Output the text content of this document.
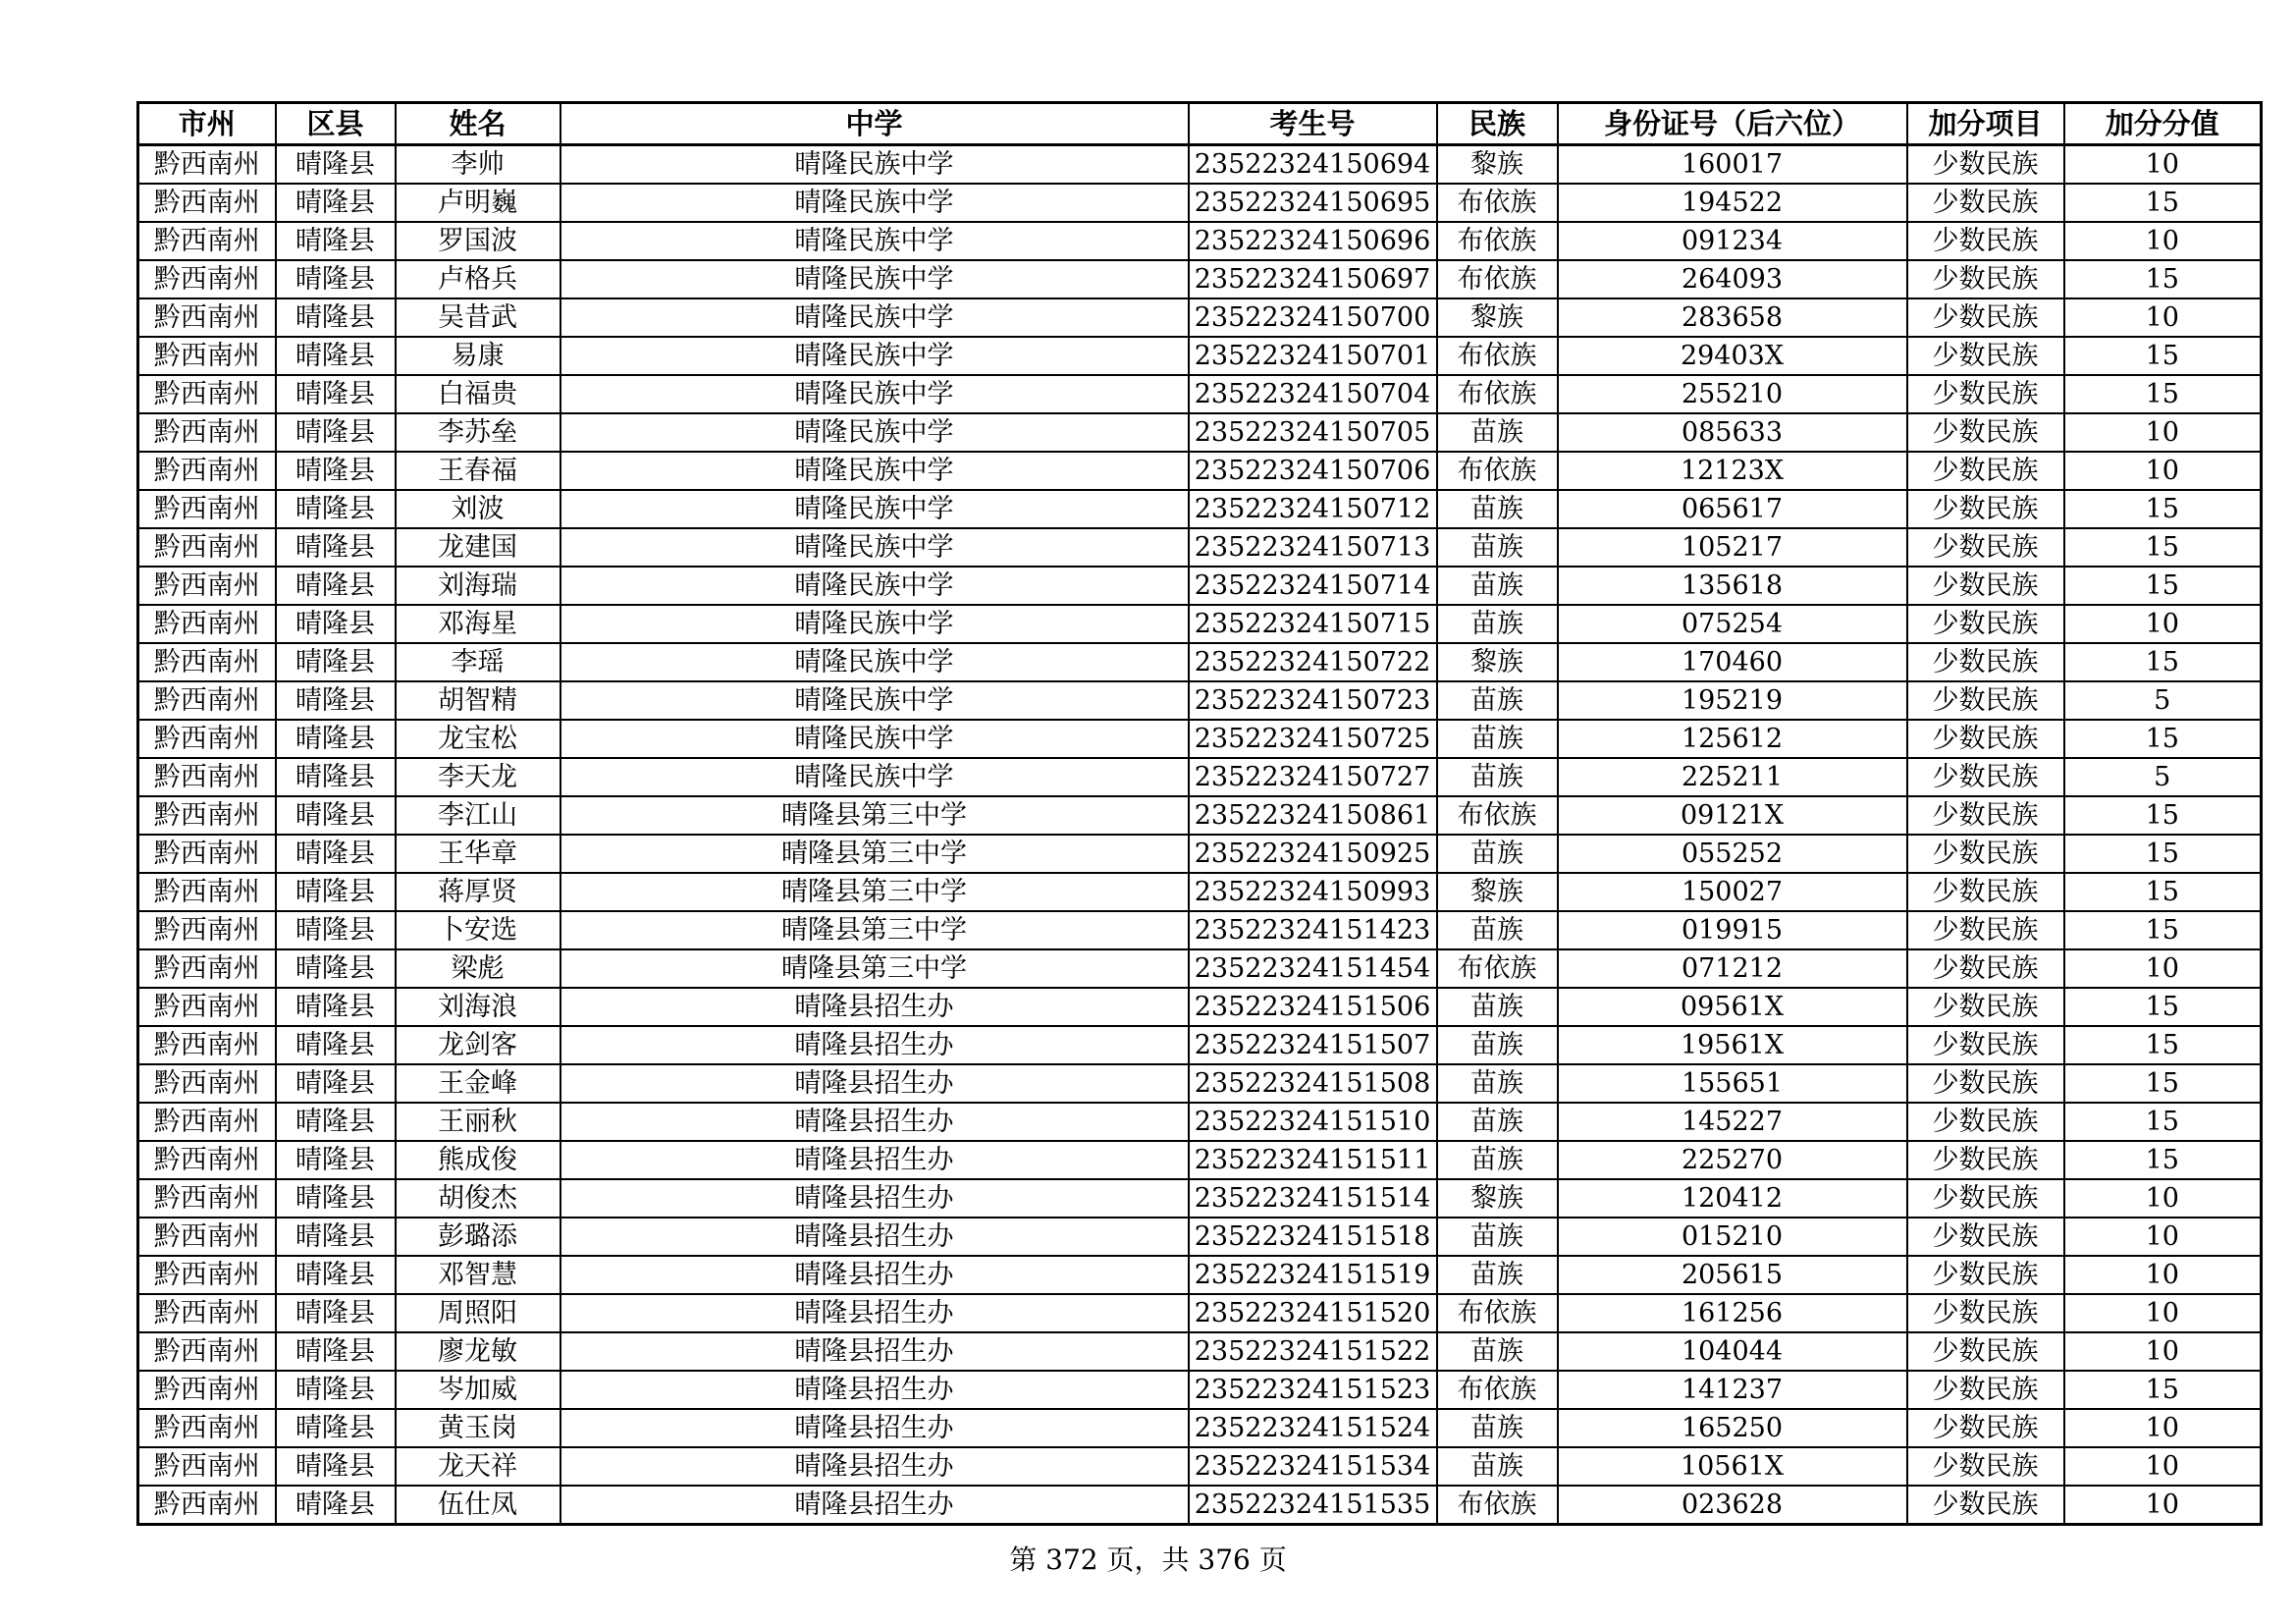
市州	区县	姓名	中学	考生号	民族	身份证号（后六位）	加分项目	加分分值
黔西南州	晴隆县	李帅	晴隆民族中学	23522324150694	黎族	160017	少数民族	10
黔西南州	晴隆县	卢明巍	晴隆民族中学	23522324150695	布依族	194522	少数民族	15
黔西南州	晴隆县	罗国波	晴隆民族中学	23522324150696	布依族	091234	少数民族	10
黔西南州	晴隆县	卢格兵	晴隆民族中学	23522324150697	布依族	264093	少数民族	15
黔西南州	晴隆县	吴昔武	晴隆民族中学	23522324150700	黎族	283658	少数民族	10
黔西南州	晴隆县	易康	晴隆民族中学	23522324150701	布依族	29403X	少数民族	15
黔西南州	晴隆县	白福贵	晴隆民族中学	23522324150704	布依族	255210	少数民族	15
黔西南州	晴隆县	李苏垒	晴隆民族中学	23522324150705	苗族	085633	少数民族	10
黔西南州	晴隆县	王春福	晴隆民族中学	23522324150706	布依族	12123X	少数民族	10
黔西南州	晴隆县	刘波	晴隆民族中学	23522324150712	苗族	065617	少数民族	15
黔西南州	晴隆县	龙建国	晴隆民族中学	23522324150713	苗族	105217	少数民族	15
黔西南州	晴隆县	刘海瑞	晴隆民族中学	23522324150714	苗族	135618	少数民族	15
黔西南州	晴隆县	邓海星	晴隆民族中学	23522324150715	苗族	075254	少数民族	10
黔西南州	晴隆县	李瑶	晴隆民族中学	23522324150722	黎族	170460	少数民族	15
黔西南州	晴隆县	胡智精	晴隆民族中学	23522324150723	苗族	195219	少数民族	5
黔西南州	晴隆县	龙宝松	晴隆民族中学	23522324150725	苗族	125612	少数民族	15
黔西南州	晴隆县	李天龙	晴隆民族中学	23522324150727	苗族	225211	少数民族	5
黔西南州	晴隆县	李江山	晴隆县第三中学	23522324150861	布依族	09121X	少数民族	15
黔西南州	晴隆县	王华章	晴隆县第三中学	23522324150925	苗族	055252	少数民族	15
黔西南州	晴隆县	蒋厚贤	晴隆县第三中学	23522324150993	黎族	150027	少数民族	15
黔西南州	晴隆县	卜安选	晴隆县第三中学	23522324151423	苗族	019915	少数民族	15
黔西南州	晴隆县	梁彪	晴隆县第三中学	23522324151454	布依族	071212	少数民族	10
黔西南州	晴隆县	刘海浪	晴隆县招生办	23522324151506	苗族	09561X	少数民族	15
黔西南州	晴隆县	龙剑客	晴隆县招生办	23522324151507	苗族	19561X	少数民族	15
黔西南州	晴隆县	王金峰	晴隆县招生办	23522324151508	苗族	155651	少数民族	15
黔西南州	晴隆县	王丽秋	晴隆县招生办	23522324151510	苗族	145227	少数民族	15
黔西南州	晴隆县	熊成俊	晴隆县招生办	23522324151511	苗族	225270	少数民族	15
黔西南州	晴隆县	胡俊杰	晴隆县招生办	23522324151514	黎族	120412	少数民族	10
黔西南州	晴隆县	彭璐添	晴隆县招生办	23522324151518	苗族	015210	少数民族	10
黔西南州	晴隆县	邓智慧	晴隆县招生办	23522324151519	苗族	205615	少数民族	10
黔西南州	晴隆县	周照阳	晴隆县招生办	23522324151520	布依族	161256	少数民族	10
黔西南州	晴隆县	廖龙敏	晴隆县招生办	23522324151522	苗族	104044	少数民族	10
黔西南州	晴隆县	岑加威	晴隆县招生办	23522324151523	布依族	141237	少数民族	15
黔西南州	晴隆县	黄玉岗	晴隆县招生办	23522324151524	苗族	165250	少数民族	10
黔西南州	晴隆县	龙天祥	晴隆县招生办	23522324151534	苗族	10561X	少数民族	10
黔西南州	晴隆县	伍仕凤	晴隆县招生办	23522324151535	布依族	023628	少数民族	10
第 372 页，共 376 页
